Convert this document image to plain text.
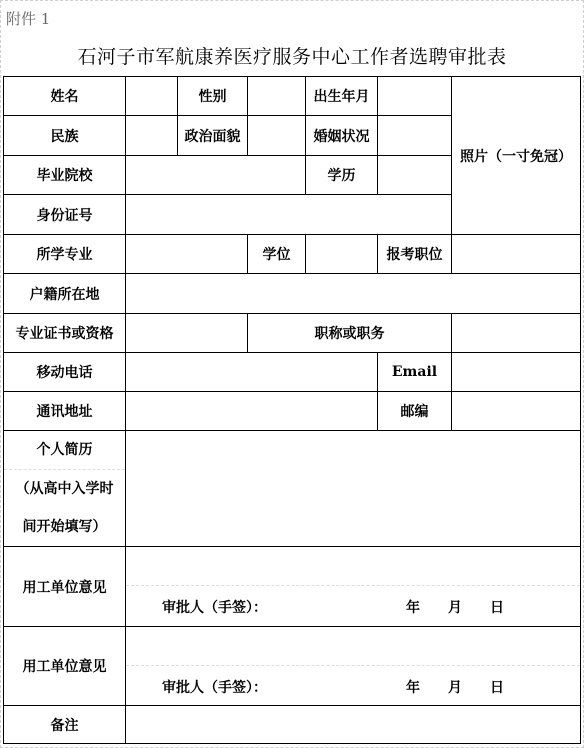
附件 1
石河子市军航康养医疗服务中心工作者选聘审批表
姓名		性别		出生年月		照片（一寸免冠）
民族		政治面貌		婚姻状况		
毕业院校				学历		
身份证号						
所学专业			学位		报考职位	
户籍所在地						
专业证书或资格			职称或职务			
移动电话					Email	
通讯地址					邮编	

个人简历
（从高中入学时
间开始填写）						

用工单位意见	审批人（手签）： 年 月 日					

用工单位意见	审批人（手签）： 年 月 日					

备注						
